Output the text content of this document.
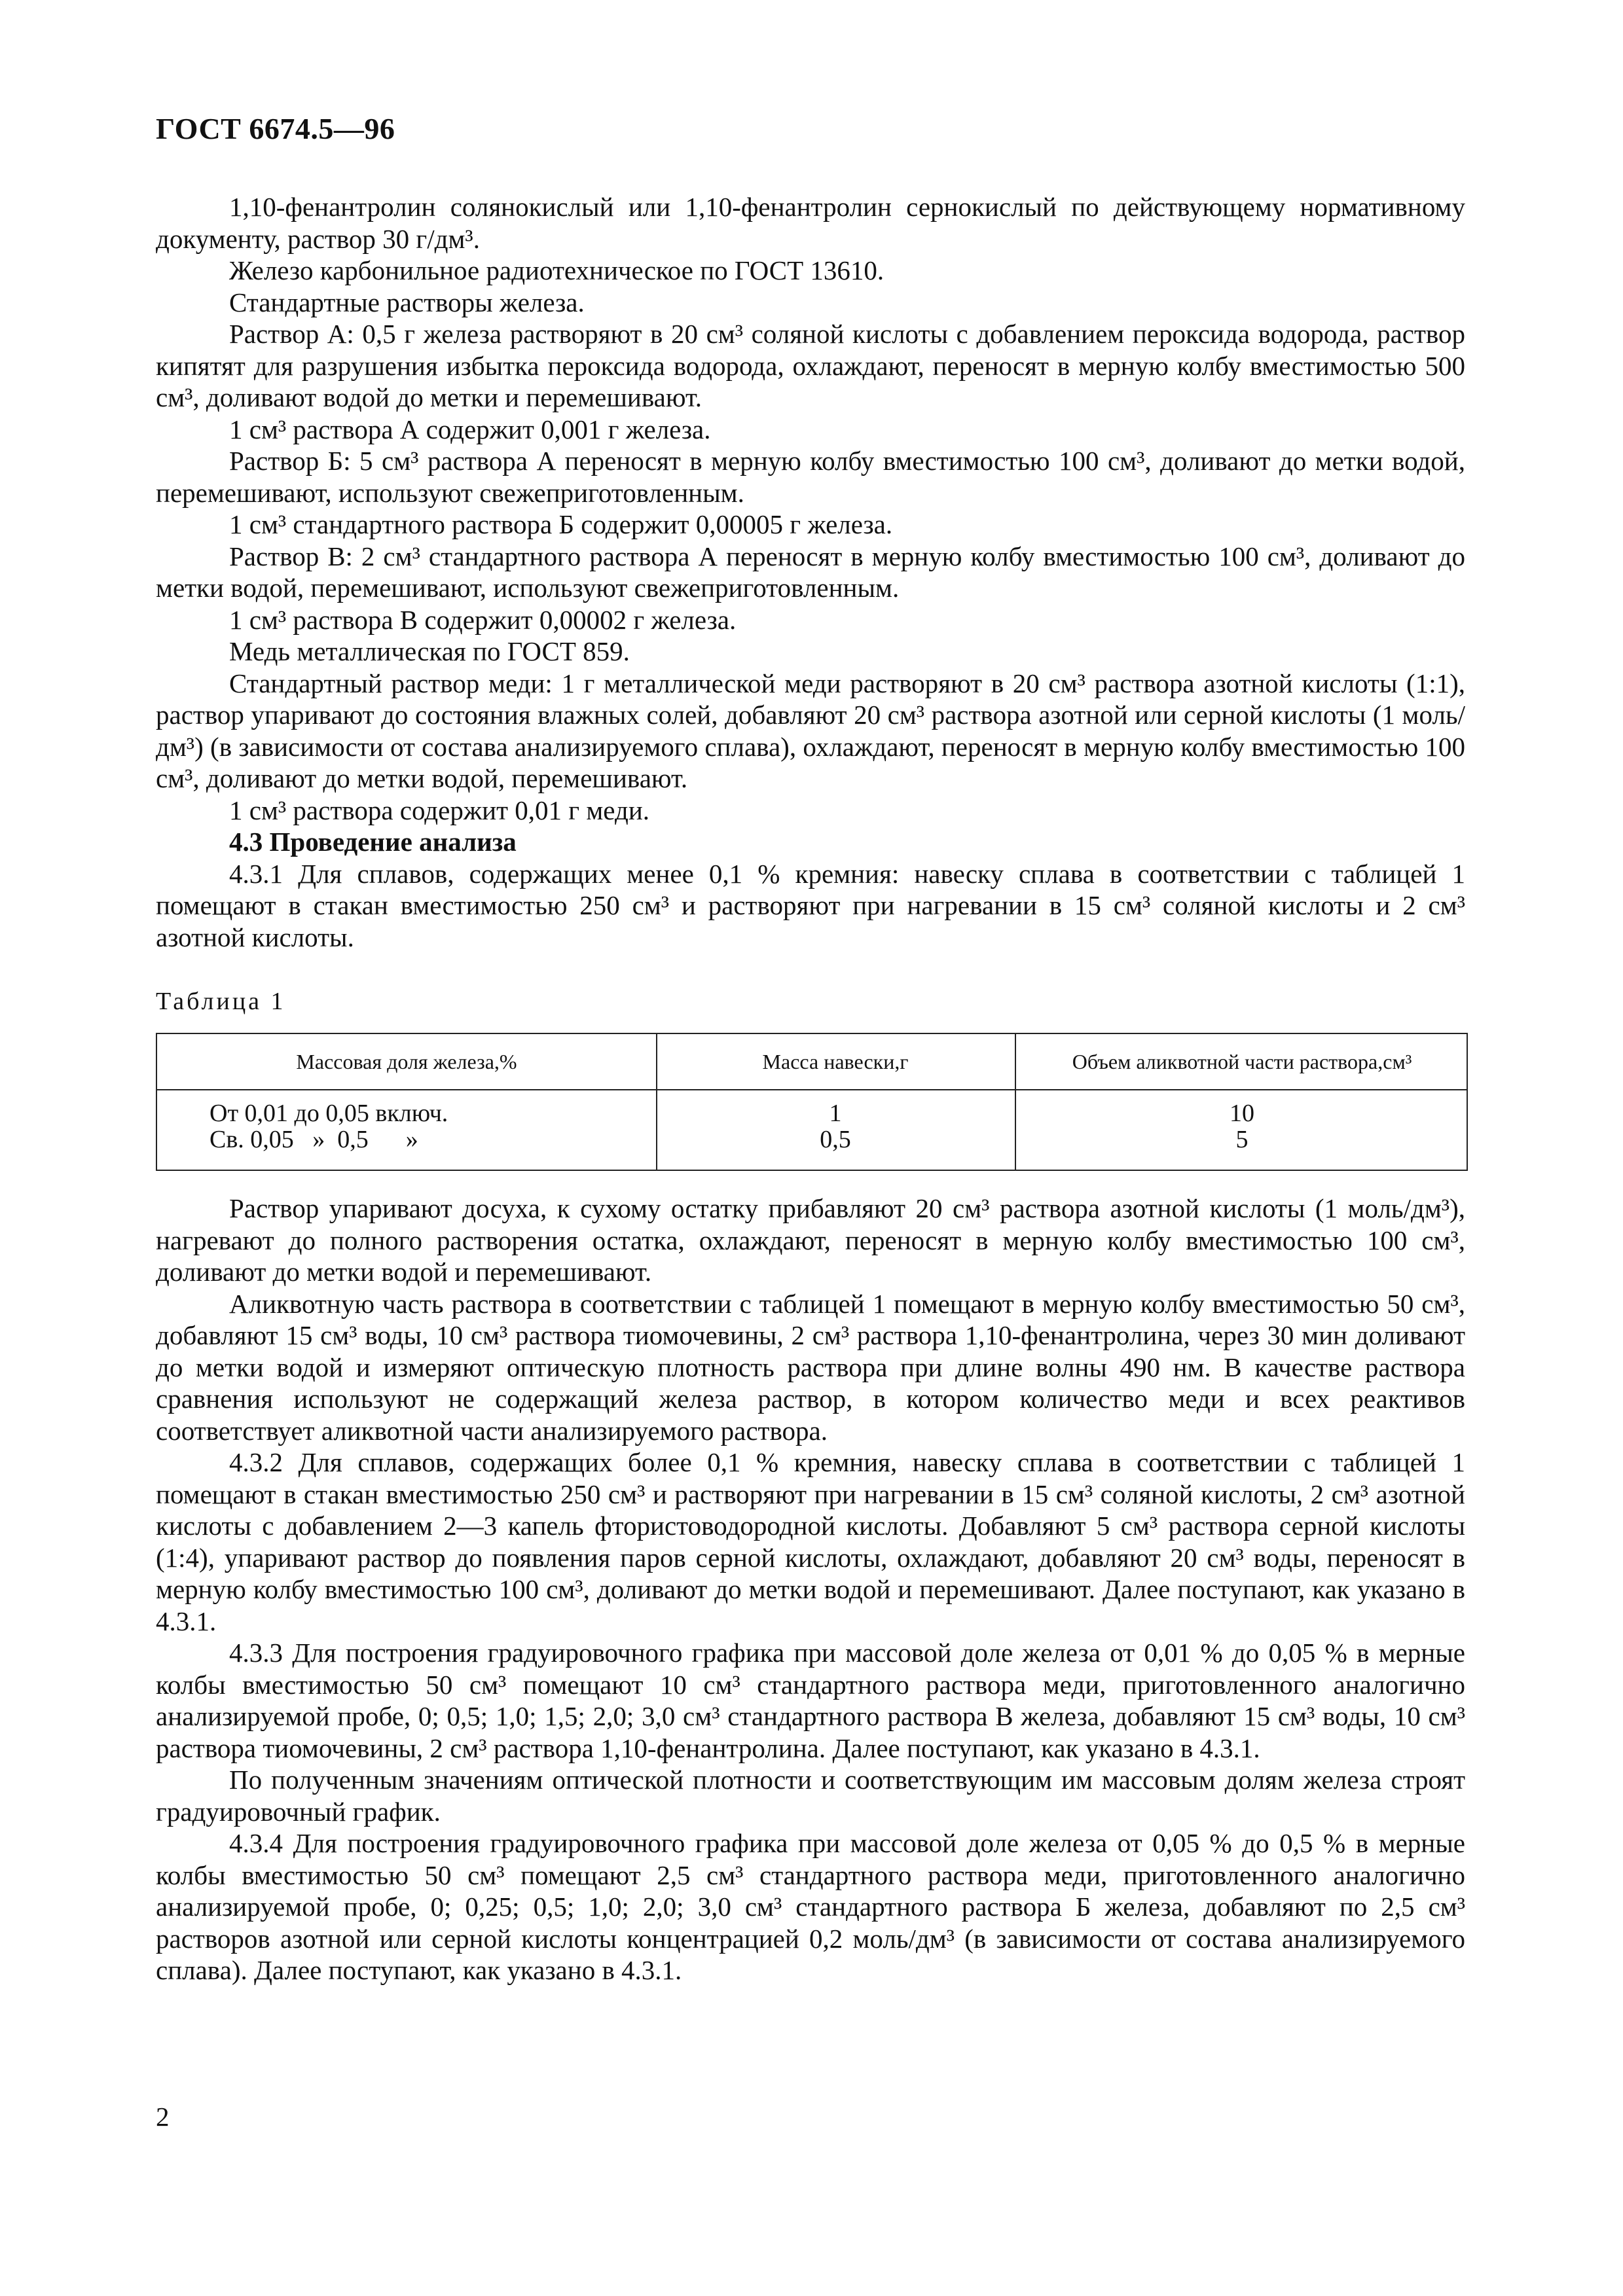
ГОСТ 6674.5—96

1,10-фенантролин солянокислый или 1,10-фенантролин сернокислый по действующему нормативному документу, раствор 30 г/дм³.

Железо карбонильное радиотехническое по ГОСТ 13610.

Стандартные растворы железа.

Раствор А: 0,5 г железа растворяют в 20 см³ соляной кислоты с добавлением пероксида водорода, раствор кипятят для разрушения избытка пероксида водорода, охлаждают, переносят в мерную колбу вместимостью 500 см³, доливают водой до метки и перемешивают.

1 см³ раствора А содержит 0,001 г железа.

Раствор Б: 5 см³ раствора А переносят в мерную колбу вместимостью 100 см³, доливают до метки водой, перемешивают, используют свежеприготовленным.

1 см³ стандартного раствора Б содержит 0,00005 г железа.

Раствор В: 2 см³ стандартного раствора А переносят в мерную колбу вместимостью 100 см³, доливают до метки водой, перемешивают, используют свежеприготовленным.

1 см³ раствора В содержит 0,00002 г железа.

Медь металлическая по ГОСТ 859.

Стандартный раствор меди: 1 г металлической меди растворяют в 20 см³ раствора азотной кислоты (1:1), раствор упаривают до состояния влажных солей, добавляют 20 см³ раствора азотной или серной кислоты (1 моль/дм³) (в зависимости от состава анализируемого сплава), охлаждают, переносят в мерную колбу вместимостью 100 см³, доливают до метки водой, перемешивают.

1 см³ раствора содержит 0,01 г меди.

4.3 Проведение анализа

4.3.1 Для сплавов, содержащих менее 0,1 % кремния: навеску сплава в соответствии с таблицей 1 помещают в стакан вместимостью 250 см³ и растворяют при нагревании в 15 см³ соляной кислоты и 2 см³ азотной кислоты.

Таблица 1
Массовая доля железа,%	Масса навески,г	Объем аликвотной части раствора,см³
От 0,01 до 0,05 включ.	1	10
Св. 0,05   »  0,5      »	0,5	5

Раствор упаривают досуха, к сухому остатку прибавляют 20 см³ раствора азотной кислоты (1 моль/дм³), нагревают до полного растворения остатка, охлаждают, переносят в мерную колбу вместимостью 100 см³, доливают до метки водой и перемешивают.

Аликвотную часть раствора в соответствии с таблицей 1 помещают в мерную колбу вместимостью 50 см³, добавляют 15 см³ воды, 10 см³ раствора тиомочевины, 2 см³ раствора 1,10-фенантролина, через 30 мин доливают до метки водой и измеряют оптическую плотность раствора при длине волны 490 нм. В качестве раствора сравнения используют не содержащий железа раствор, в котором количество меди и всех реактивов соответствует аликвотной части анализируемого раствора.

4.3.2 Для сплавов, содержащих более 0,1 % кремния, навеску сплава в соответствии с таблицей 1 помещают в стакан вместимостью 250 см³ и растворяют при нагревании в 15 см³ соляной кислоты, 2 см³ азотной кислоты с добавлением 2—3 капель фтористоводородной кислоты. Добавляют 5 см³ раствора серной кислоты (1:4), упаривают раствор до появления паров серной кислоты, охлаждают, добавляют 20 см³ воды, переносят в мерную колбу вместимостью 100 см³, доливают до метки водой и перемешивают. Далее поступают, как указано в 4.3.1.

4.3.3 Для построения градуировочного графика при массовой доле железа от 0,01 % до 0,05 % в мерные колбы вместимостью 50 см³ помещают 10 см³ стандартного раствора меди, приготовленного аналогично анализируемой пробе, 0; 0,5; 1,0; 1,5; 2,0; 3,0 см³ стандартного раствора В железа, добавляют 15 см³ воды, 10 см³ раствора тиомочевины, 2 см³ раствора 1,10-фенантролина. Далее поступают, как указано в 4.3.1.

По полученным значениям оптической плотности и соответствующим им массовым долям железа строят градуировочный график.

4.3.4 Для построения градуировочного графика при массовой доле железа от 0,05 % до 0,5 % в мерные колбы вместимостью 50 см³ помещают 2,5 см³ стандартного раствора меди, приготовленного аналогично анализируемой пробе, 0; 0,25; 0,5; 1,0; 2,0; 3,0 см³ стандартного раствора Б железа, добавляют по 2,5 см³ растворов азотной или серной кислоты концентрацией 0,2 моль/дм³ (в зависимости от состава анализируемого сплава). Далее поступают, как указано в 4.3.1.

2
